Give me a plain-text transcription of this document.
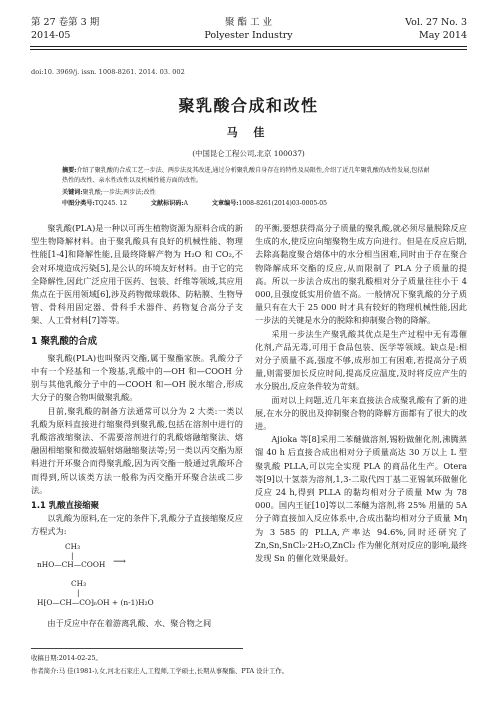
第 27 卷第 3 期
2014-05
聚 酯 工 业
Polyester Industry
Vol. 27 No. 3
May 2014
doi:10. 3969/j. issn. 1008-8261. 2014. 03. 002
聚乳酸合成和改性
马 佳
(中国昆仑工程公司,北京 100037)
摘要:介绍了聚乳酸的合成工艺一步法、两步法及其改进,通过分析聚乳酸自身存在的特性及局限性,介绍了近几年聚乳酸的改性发展,包括耐热性的改性、亲水性改性以及机械性能方面的改性。
关键词:聚乳酸;一步法;两步法;改性
中图分类号:TQ245. 12	文献标识码:A	文章编号:1008-8261(2014)03-0005-05

聚乳酸(PLA)是一种以可再生植物资源为原料合成的新型生物降解材料。由于聚乳酸具有良好的机械性能、物理性能[1-4]和降解性能,且最终降解产物为 H₂O 和 CO₂,不会对环境造成污染[5],是公认的环境友好材料。由于它的完全降解性,因此广泛应用于医药、包装、纤维等领域,其应用焦点在于医用领域[6],涉及药物微球载体、防粘膜、生物导管、骨科用固定器、骨科手术器件、药物复合高分子支架、人工骨材料[7]等等。

1 聚乳酸的合成

聚乳酸(PLA)也叫聚丙交酯,属于聚酯家族。乳酸分子中有一个羟基和一个羧基,乳酸中的—OH 和—COOH 分别与其他乳酸分子中的—COOH 和—OH 脱水缩合,形成大分子的聚合物叫做聚乳酸。

目前,聚乳酸的制备方法通常可以分为 2 大类:一类以乳酸为原料直接进行缩聚得到聚乳酸,包括在溶剂中进行的乳酸溶液缩聚法、不需要溶剂进行的乳酸熔融缩聚法、熔融固相缩聚和微波辐射熔融缩聚法等;另一类以丙交酯为原料进行开环聚合而得聚乳酸,因为丙交酯一般通过乳酸环合而得到,所以该类方法一般称为丙交酯开环聚合法或二步法。

1.1 乳酸直接缩聚

以乳酸为原料,在一定的条件下,乳酸分子直接缩聚反应方程式为:

CH₃
|
nHO—CH—COOH ⟶
CH₃
|
H⁅O—CH—CO⁆ₙOH + (n-1)H₂O

由于反应中存在着游离乳酸、水、聚合物之间

的平衡,要想获得高分子质量的聚乳酸,就必须尽量脱除反应生成的水,使反应向缩聚物生成方向进行。但是在反应后期,去除高黏度聚合熔体中的水分相当困难,同时由于存在聚合物降解成环交酯的反应,从而限制了 PLA 分子质量的提高。所以一步法合成出的聚乳酸相对分子质量往往小于 4 000,且强度低实用价值不高。一般情况下聚乳酸的分子质量只有在大于 25 000 时才具有较好的物理机械性能,因此一步法的关键是水分的脱除和抑制聚合物的降解。

采用一步法生产聚乳酸其优点是生产过程中无有毒催化剂,产品无毒,可用于食品包装、医学等领域。缺点是:相对分子质量不高,强度不够,成形加工有困难,若提高分子质量,则需要加长反应时间,提高反应温度,及时将反应产生的水分脱出,反应条件较为苛刻。

面对以上问题,近几年来直接法合成聚乳酸有了新的进展,在水分的脱出及抑制聚合物的降解方面都有了很大的改进。

Ajioka 等[8]采用二苯醚做溶剂,锡粉做催化剂,沸腾蒸馏 40 h 后直接合成出相对分子质量高达 30 万以上 L 型聚乳酸 PLLA,可以完全实现 PLA 的商品化生产。Otera 等[9]以十氢萘为溶剂,1,3-二取代四丁基二亚锡氧环做催化反应 24 h,得到 PLLA 的黏均相对分子质量 Mw 为 78 000。国内王征[10]等以二苯醚为溶剂,将 25% 用量的 5A 分子筛直接加入反应体系中,合成出黏均相对分子质量 Mη 为 3 585 的 PLLA,产率达 94.6%,同时还研究了 Zn,Sn,SnCl₂·2H₂O,ZnCl₂ 作为催化剂对反应的影响,最终发现 Sn 的催化效果最好。

收稿日期:2014-02-25。
作者简介:马 佳(1981-),女,河北石家庄人,工程师,工学硕士,长期从事聚酯、PTA 设计工作。
